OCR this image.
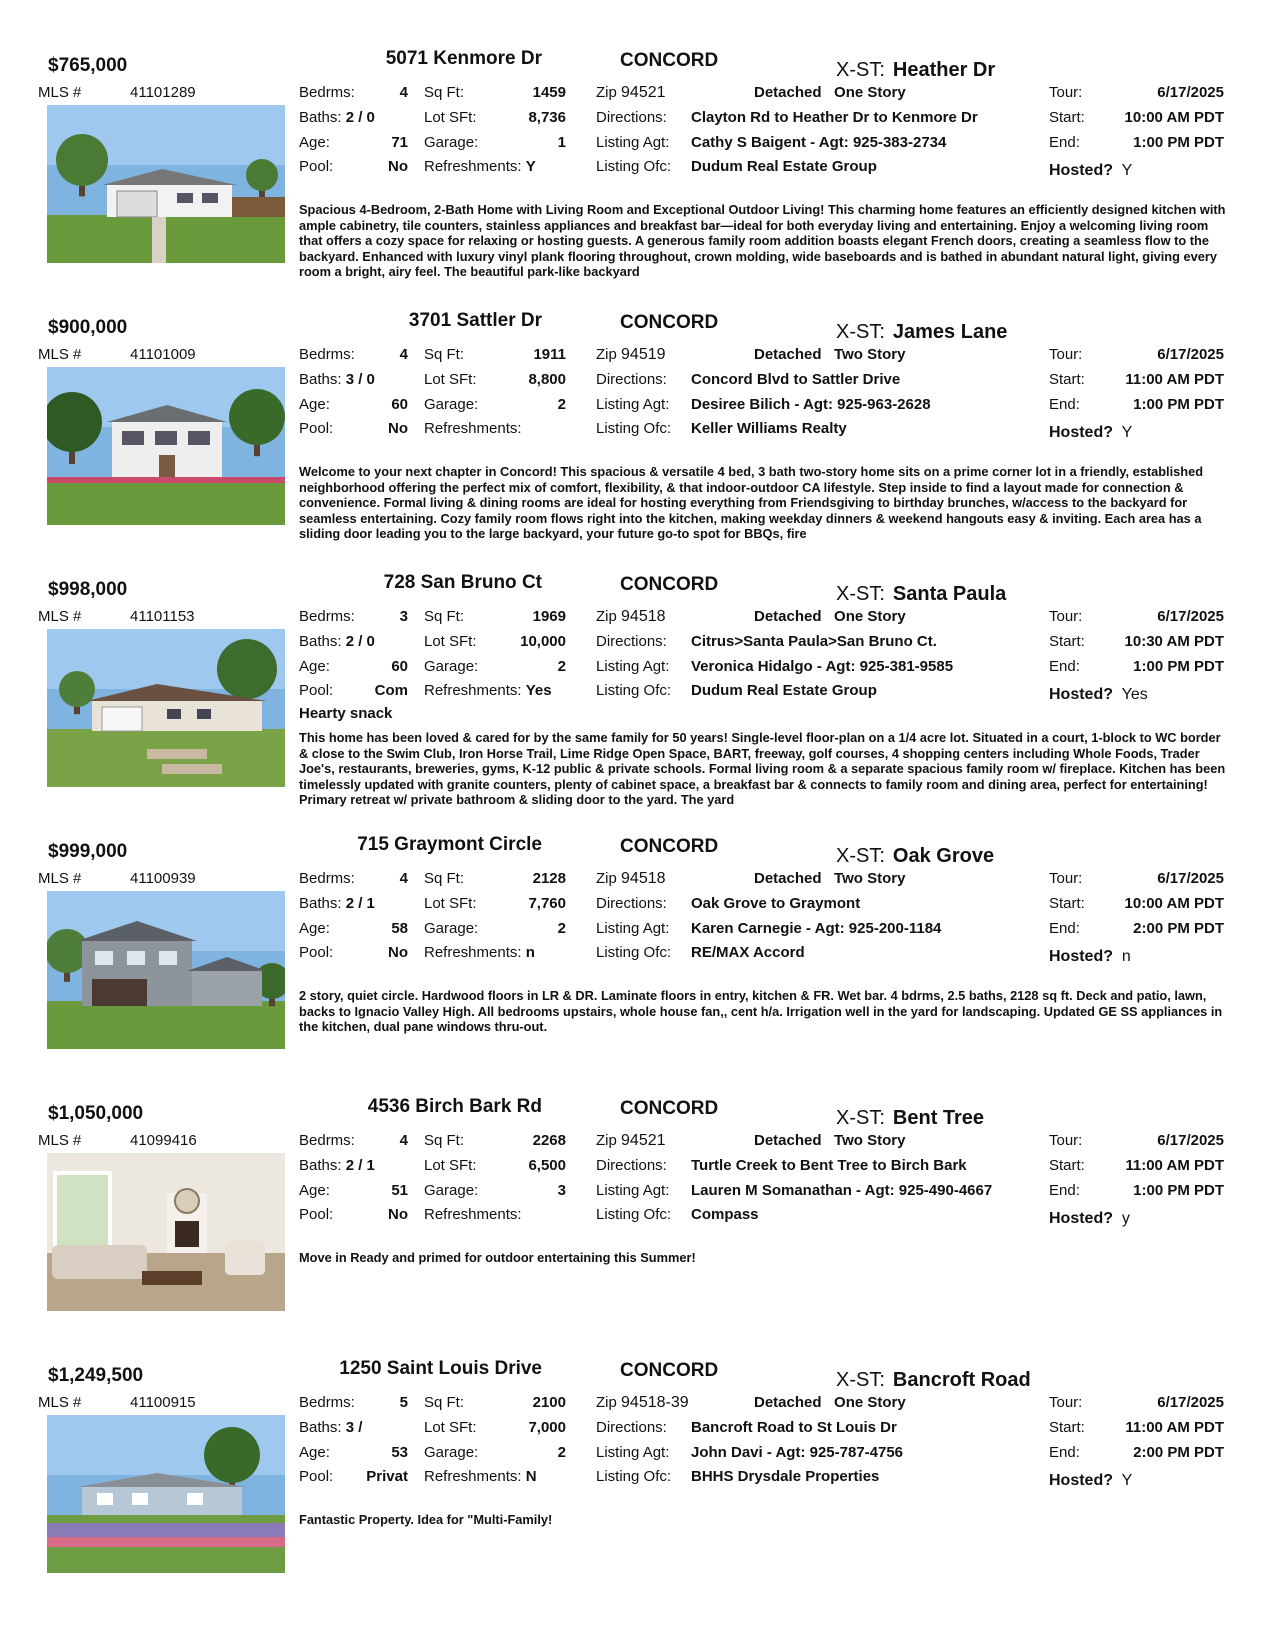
$765,000	5071 Kenmore Dr	CONCORD	X-ST: Heather Dr
MLS #	41101289	Bedrms:	4
Baths: 2 / 0
Age:	71
Pool:	No
Sq Ft:	1459
Lot SFt:	8,736
Garage:	1
Refreshments: Y
Zip 94521	Detached One Story
Directions: Clayton Rd to Heather Dr to Kenmore Dr
Listing Agt: Cathy S Baigent - Agt: 925-383-2734
Listing Ofc: Dudum Real Estate Group
Tour:	6/17/2025
Start:	10:00 AM PDT
End:	1:00 PM PDT
Hosted? Y
Spacious 4-Bedroom, 2-Bath Home with Living Room and Exceptional Outdoor Living! This charming home features an efficiently designed kitchen with ample cabinetry, tile counters, stainless appliances and breakfast bar—ideal for both everyday living and entertaining. Enjoy a welcoming living room that offers a cozy space for relaxing or hosting guests. A generous family room addition boasts elegant French doors, creating a seamless flow to the backyard. Enhanced with luxury vinyl plank flooring throughout, crown molding, wide baseboards and is bathed in abundant natural light, giving every room a bright, airy feel. The beautiful park-like backyard
$900,000	3701 Sattler Dr	CONCORD	X-ST: James Lane
MLS #	41101009	Bedrms:	4
Baths: 3 / 0
Age:	60
Pool:	No
Sq Ft:	1911
Lot SFt:	8,800
Garage:	2
Refreshments:
Zip 94519	Detached Two Story
Directions: Concord Blvd to Sattler Drive
Listing Agt: Desiree Bilich - Agt: 925-963-2628
Listing Ofc: Keller Williams Realty
Tour:	6/17/2025
Start:	11:00 AM PDT
End:	1:00 PM PDT
Hosted? Y
Welcome to your next chapter in Concord! This spacious & versatile 4 bed, 3 bath two-story home sits on a prime corner lot in a friendly, established neighborhood offering the perfect mix of comfort, flexibility, & that indoor-outdoor CA lifestyle. Step inside to find a layout made for connection & convenience. Formal living & dining rooms are ideal for hosting everything from Friendsgiving to birthday brunches, w/access to the backyard for seamless entertaining. Cozy family room flows right into the kitchen, making weekday dinners & weekend hangouts easy & inviting. Each area has a sliding door leading you to the large backyard, your future go-to spot for BBQs, fire
$998,000	728 San Bruno Ct	CONCORD	X-ST: Santa Paula
MLS #	41101153	Bedrms:	3
Baths: 2 / 0
Age:	60
Pool:	Com
Sq Ft:	1969
Lot SFt:	10,000
Garage:	2
Refreshments: Yes
Zip 94518	Detached One Story
Directions: Citrus>Santa Paula>San Bruno Ct.
Listing Agt: Veronica Hidalgo - Agt: 925-381-9585
Listing Ofc: Dudum Real Estate Group
Tour:	6/17/2025
Start:	10:30 AM PDT
End:	1:00 PM PDT
Hosted? Yes
Hearty snack
This home has been loved & cared for by the same family for 50 years! Single-level floor-plan on a 1/4 acre lot. Situated in a court, 1-block to WC border & close to the Swim Club, Iron Horse Trail, Lime Ridge Open Space, BART, freeway, golf courses, 4 shopping centers including Whole Foods, Trader Joe's, restaurants, breweries, gyms, K-12 public & private schools. Formal living room & a separate spacious family room w/ fireplace. Kitchen has been timelessly updated with granite counters, plenty of cabinet space, a breakfast bar & connects to family room and dining area, perfect for entertaining! Primary retreat w/ private bathroom & sliding door to the yard. The yard
$999,000	715 Graymont Circle	CONCORD	X-ST: Oak Grove
MLS #	41100939	Bedrms:	4
Baths: 2 / 1
Age:	58
Pool:	No
Sq Ft:	2128
Lot SFt:	7,760
Garage:	2
Refreshments: n
Zip 94518	Detached Two Story
Directions: Oak Grove to Graymont
Listing Agt: Karen Carnegie - Agt: 925-200-1184
Listing Ofc: RE/MAX Accord
Tour:	6/17/2025
Start:	10:00 AM PDT
End:	2:00 PM PDT
Hosted? n
2 story, quiet circle. Hardwood floors in LR & DR. Laminate floors in entry, kitchen & FR. Wet bar. 4 bdrms, 2.5 baths, 2128 sq ft. Deck and patio, lawn, backs to Ignacio Valley High. All bedrooms upstairs, whole house fan,, cent h/a. Irrigation well in the yard for landscaping. Updated GE SS appliances in the kitchen, dual pane windows thru-out.
$1,050,000	4536 Birch Bark Rd	CONCORD	X-ST: Bent Tree
MLS #	41099416	Bedrms:	4
Baths: 2 / 1
Age:	51
Pool:	No
Sq Ft:	2268
Lot SFt:	6,500
Garage:	3
Refreshments:
Zip 94521	Detached Two Story
Directions: Turtle Creek to Bent Tree to Birch Bark
Listing Agt: Lauren M Somanathan - Agt: 925-490-4667
Listing Ofc: Compass
Tour:	6/17/2025
Start:	11:00 AM PDT
End:	1:00 PM PDT
Hosted? y
Move in Ready and primed for outdoor entertaining this Summer!
$1,249,500	1250 Saint Louis Drive	CONCORD	X-ST: Bancroft Road
MLS #	41100915	Bedrms:	5
Baths: 3 /
Age:	53
Pool:	Privat
Sq Ft:	2100
Lot SFt:	7,000
Garage:	2
Refreshments: N
Zip 94518-39	Detached One Story
Directions: Bancroft Road to St Louis Dr
Listing Agt: John Davi - Agt: 925-787-4756
Listing Ofc: BHHS Drysdale Properties
Tour:	6/17/2025
Start:	11:00 AM PDT
End:	2:00 PM PDT
Hosted? Y
Fantastic Property. Idea for "Multi-Family!
